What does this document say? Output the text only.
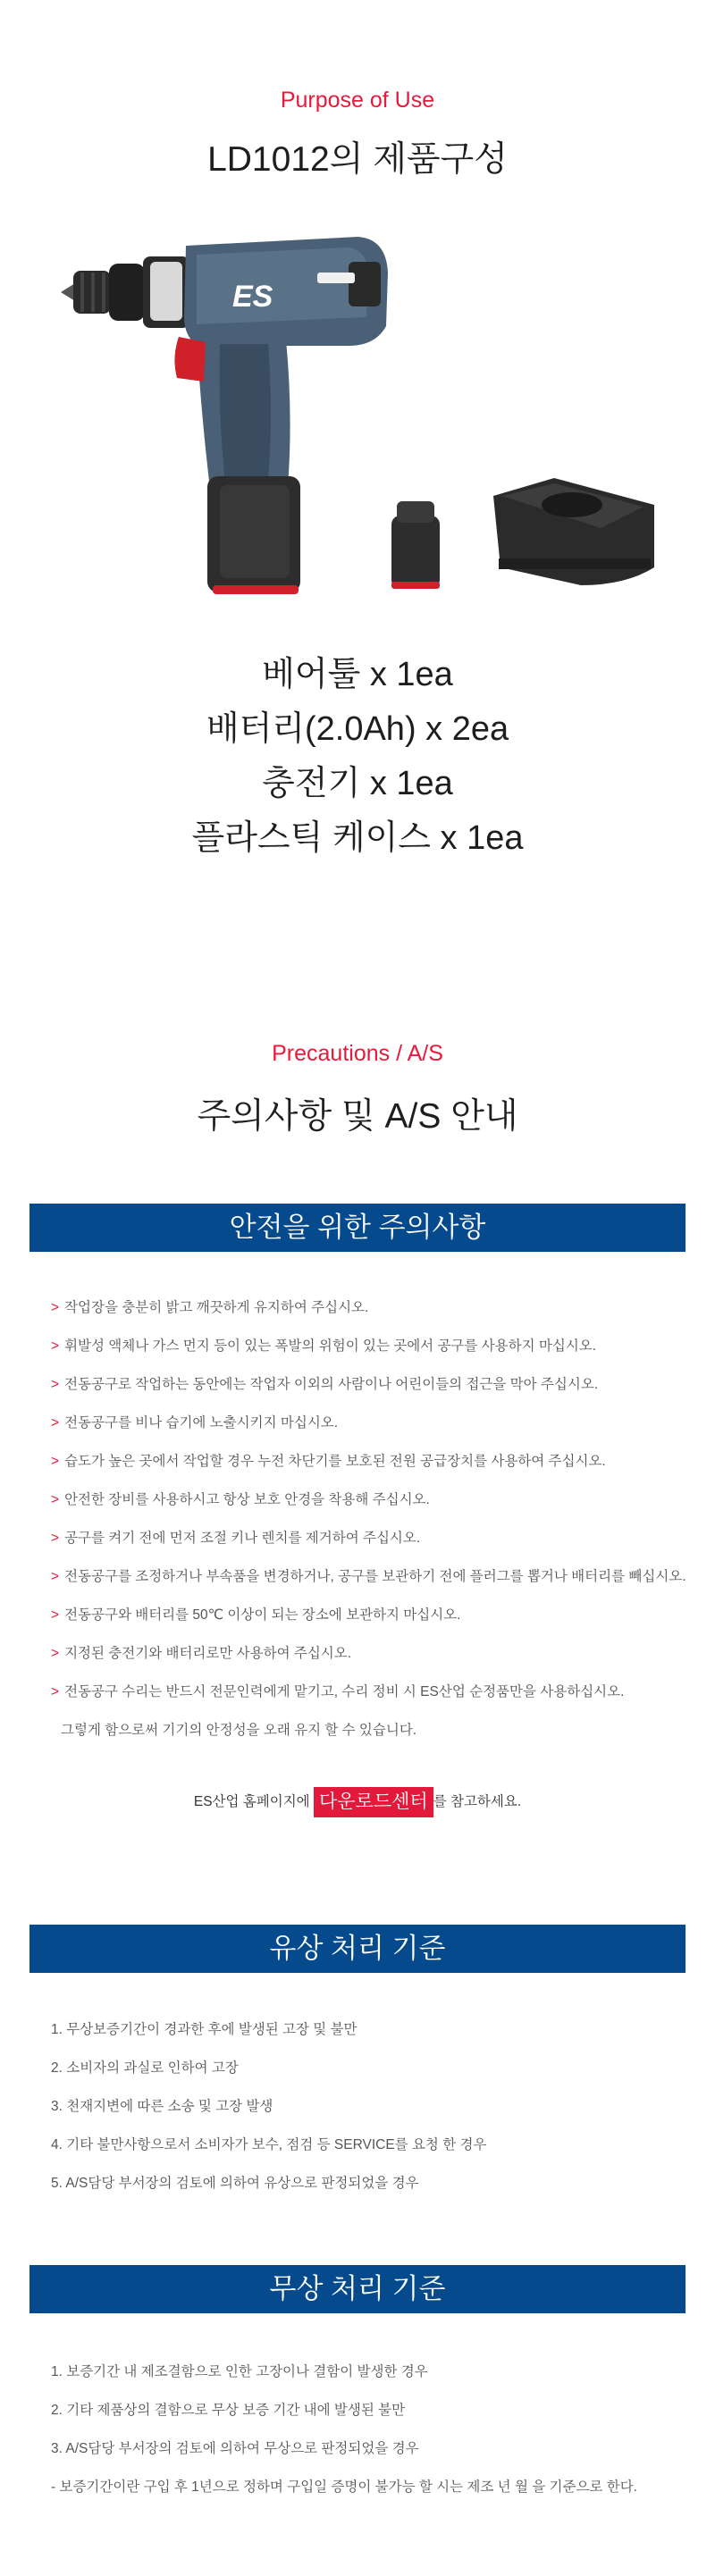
Purpose of Use
LD1012의 제품구성
ES
베어툴 x 1ea
배터리(2.0Ah) x 2ea
충전기 x 1ea
플라스틱 케이스 x 1ea
Precautions / A/S
주의사항 및 A/S 안내
안전을 위한 주의사항
> 작업장을 충분히 밝고 깨끗하게 유지하여 주십시오.
> 휘발성 액체나 가스 먼지 등이 있는 폭발의 위험이 있는 곳에서 공구를 사용하지 마십시오.
> 전동공구로 작업하는 동안에는 작업자 이외의 사람이나 어린이들의 접근을 막아 주십시오.
> 전동공구를 비나 습기에 노출시키지 마십시오.
> 습도가 높은 곳에서 작업할 경우 누전 차단기를 보호된 전원 공급장치를 사용하여 주십시오.
> 안전한 장비를 사용하시고 항상 보호 안경을 착용해 주십시오.
> 공구를 켜기 전에 먼저 조절 키나 렌치를 제거하여 주십시오.
> 전동공구를 조정하거나 부속품을 변경하거나, 공구를 보관하기 전에 플러그를 뽑거나 배터리를 빼십시오.
> 전동공구와 배터리를 50℃ 이상이 되는 장소에 보관하지 마십시오.
> 지정된 충전기와 배터리로만 사용하여 주십시오.
> 전동공구 수리는 반드시 전문인력에게 맡기고, 수리 정비 시 ES산업 순정품만을 사용하십시오.
그렇게 함으로써 기기의 안정성을 오래 유지 할 수 있습니다.
ES산업 홈페이지에 다운로드센터 를 참고하세요.
유상 처리 기준
1. 무상보증기간이 경과한 후에 발생된 고장 및 불만
2. 소비자의 과실로 인하여 고장
3. 천재지변에 따른 소송 및 고장 발생
4. 기타 불만사항으로서 소비자가 보수, 점검 등 SERVICE를 요청 한 경우
5. A/S담당 부서장의 검토에 의하여 유상으로 판정되었을 경우
무상 처리 기준
1. 보증기간 내 제조결함으로 인한 고장이나 결함이 발생한 경우
2. 기타 제품상의 결함으로 무상 보증 기간 내에 발생된 불만
3. A/S담당 부서장의 검토에 의하여 무상으로 판정되었을 경우
- 보증기간이란 구입 후 1년으로 정하며 구입일 증명이 불가능 할 시는 제조 년 월 을 기준으로 한다.
